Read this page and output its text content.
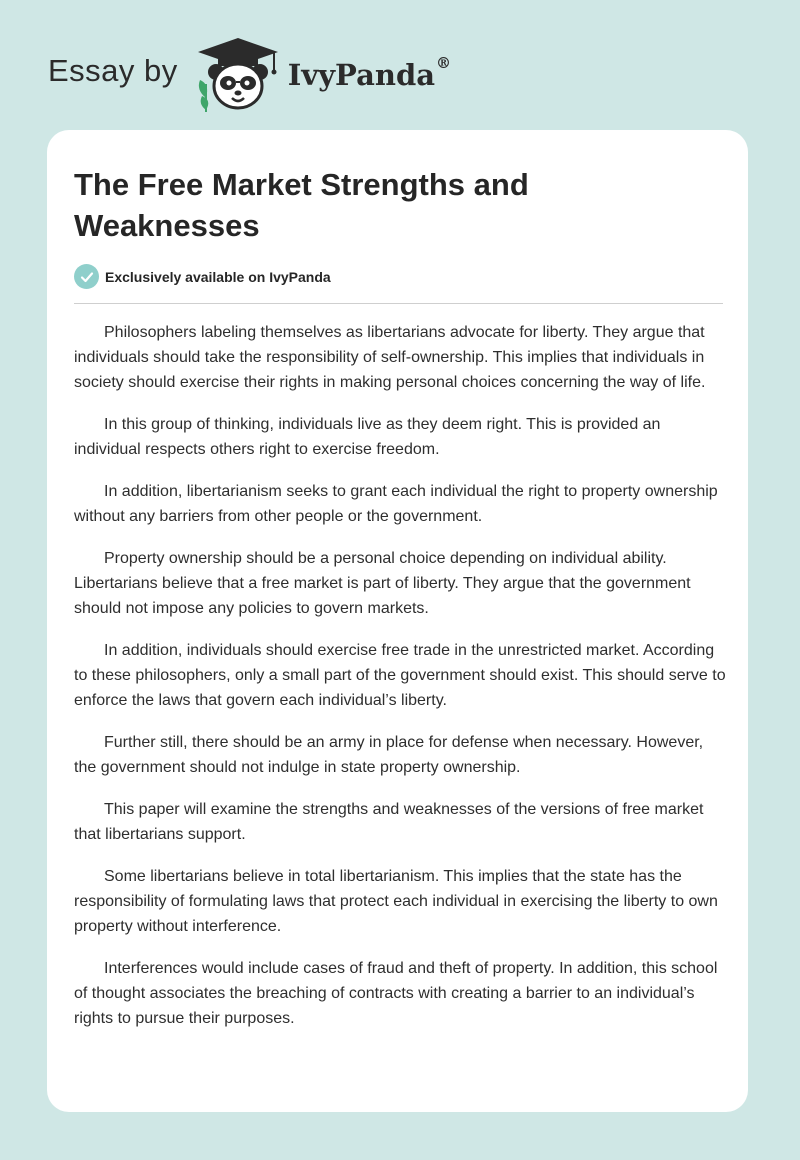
Essay by	IvyPanda®
The Free Market Strengths and Weaknesses
Exclusively available on IvyPanda

Philosophers labeling themselves as libertarians advocate for liberty. They argue that individuals should take the responsibility of self-ownership. This implies that individuals in society should exercise their rights in making personal choices concerning the way of life.

In this group of thinking, individuals live as they deem right. This is provided an individual respects others right to exercise freedom.

In addition, libertarianism seeks to grant each individual the right to property ownership without any barriers from other people or the government.

Property ownership should be a personal choice depending on individual ability. Libertarians believe that a free market is part of liberty. They argue that the government should not impose any policies to govern markets.

In addition, individuals should exercise free trade in the unrestricted market. According to these philosophers, only a small part of the government should exist. This should serve to enforce the laws that govern each individual’s liberty.

Further still, there should be an army in place for defense when necessary. However, the government should not indulge in state property ownership.

This paper will examine the strengths and weaknesses of the versions of free market that libertarians support.

Some libertarians believe in total libertarianism. This implies that the state has the responsibility of formulating laws that protect each individual in exercising the liberty to own property without interference.

Interferences would include cases of fraud and theft of property. In addition, this school of thought associates the breaching of contracts with creating a barrier to an individual’s rights to pursue their purposes.
